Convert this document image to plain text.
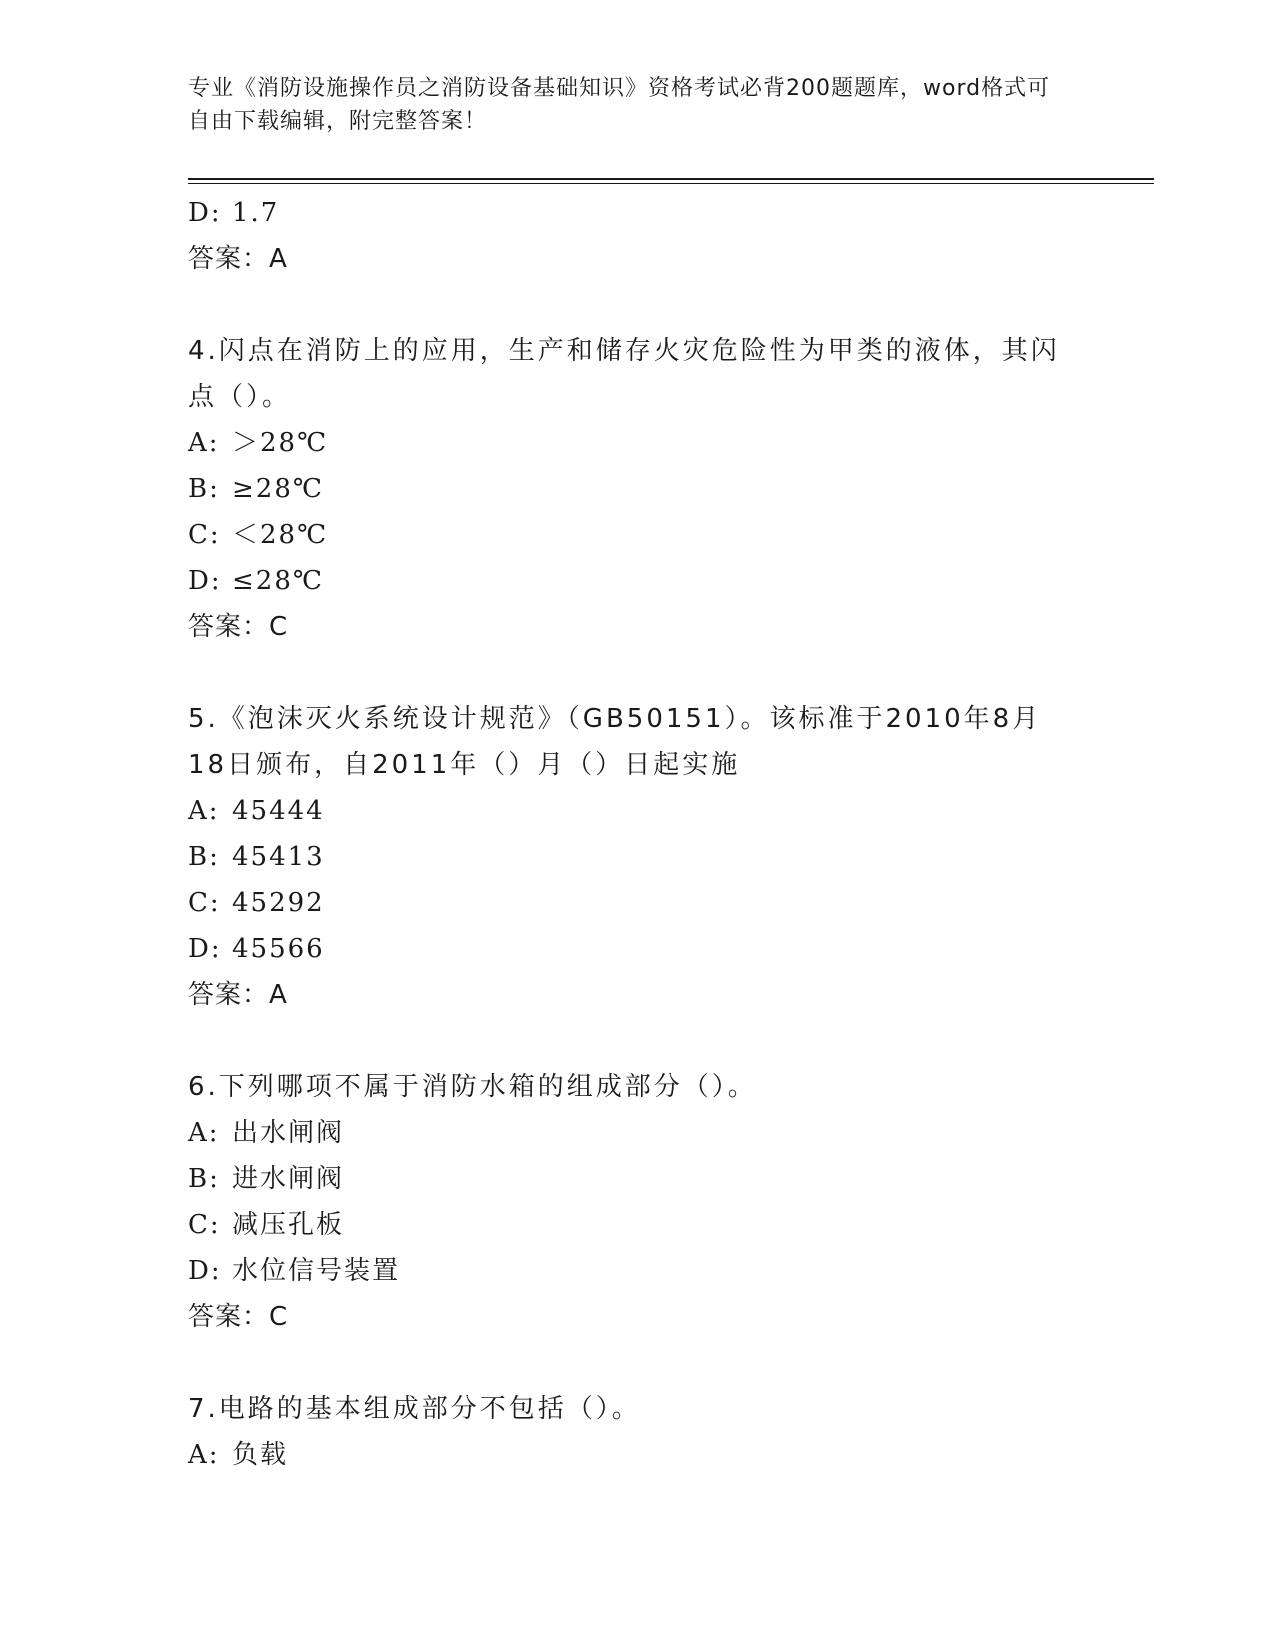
专业《消防设施操作员之消防设备基础知识》资格考试必背200题题库，word格式可自由下载编辑，附完整答案！
D: 1.7
答案：A
4.闪点在消防上的应用，生产和储存火灾危险性为甲类的液体，其闪点（）。
A: ＞28℃
B: ≥28℃
C: ＜28℃
D: ≤28℃
答案：C
5.《泡沫灭火系统设计规范》（GB50151）。该标准于2010年8月18日颁布，自2011年（）月（）日起实施
A: 45444
B: 45413
C: 45292
D: 45566
答案：A
6.下列哪项不属于消防水箱的组成部分（）。
A: 出水闸阀
B: 进水闸阀
C: 减压孔板
D: 水位信号装置
答案：C
7.电路的基本组成部分不包括（）。
A: 负载
